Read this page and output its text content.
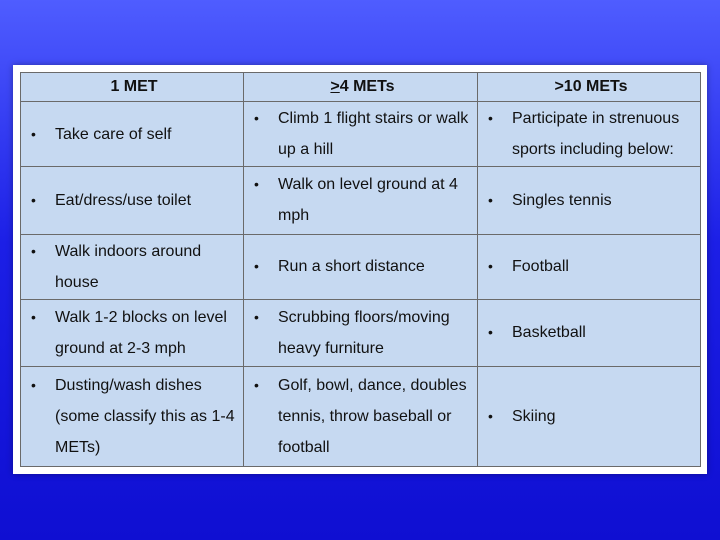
1 MET	>4 METs	>10 METs

• Take care of self	• Climb 1 flight stairs or walk up a hill	• Participate in strenuous sports including below:

• Eat/dress/use toilet	• Walk on level ground at 4 mph	• Singles tennis

• Walk indoors around house	• Run a short distance	• Football

• Walk 1-2 blocks on level ground at 2-3 mph	• Scrubbing floors/moving heavy furniture	• Basketball

• Dusting/wash dishes (some classify this as 1-4 METs)	• Golf, bowl, dance, doubles tennis, throw baseball or football	• Skiing
